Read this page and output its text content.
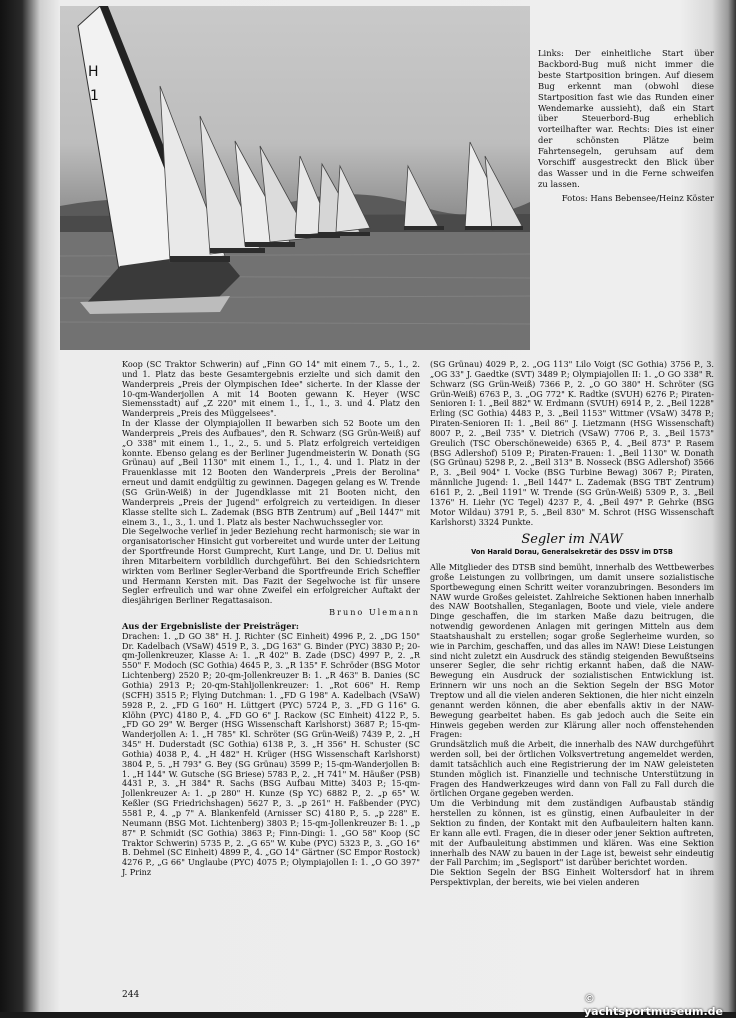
H
1

Links: Der einheitliche Start über Backbord-Bug muß nicht immer die beste Startposition bringen. Auf diesem Bug erkennt man (obwohl diese Startposition fast wie das Runden einer Wendemarke aussieht), daß ein Start über Steuerbord-Bug erheblich vorteilhafter war. Rechts: Dies ist einer der schönsten Plätze beim Fahrtensegeln, geruhsam auf dem Vorschiff ausgestreckt den Blick über das Wasser und in die Ferne schweifen zu lassen.

Fotos: Hans Bebensee/Heinz Köster

Koop (SC Traktor Schwerin) auf „Finn GO 14" mit einem 7., 5., 1., 2. und 1. Platz das beste Gesamtergebnis erzielte und sich damit den Wanderpreis „Preis der Olympischen Idee" sicherte. In der Klasse der 10-qm-Wanderjollen A mit 14 Booten gewann K. Heyer (WSC Siemensstadt) auf „Z 220" mit einem 1., 1., 1., 3. und 4. Platz den Wanderpreis „Preis des Müggelsees".

In der Klasse der Olympiajollen II bewarben sich 52 Boote um den Wanderpreis „Preis des Aufbaues", den R. Schwarz (SG Grün-Weiß) auf „O 338" mit einem 1., 1., 2., 5. und 5. Platz erfolgreich verteidigen konnte. Ebenso gelang es der Berliner Jugendmeisterin W. Donath (SG Grünau) auf „Beil 1130" mit einem 1., 1., 1., 4. und 1. Platz in der Frauenklasse mit 12 Booten den Wanderpreis „Preis der Berolina" erneut und damit endgültig zu gewinnen. Dagegen gelang es W. Trende (SG Grün-Weiß) in der Jugendklasse mit 21 Booten nicht, den Wanderpreis „Preis der Jugend" erfolgreich zu verteidigen. In dieser Klasse stellte sich L. Zademak (BSG BTB Zentrum) auf „Beil 1447" mit einem 3., 1., 3., 1. und 1. Platz als bester Nachwuchssegler vor.

Die Segelwoche verlief in jeder Beziehung recht harmonisch; sie war in organisatorischer Hinsicht gut vorbereitet und wurde unter der Leitung der Sportfreunde Horst Gumprecht, Kurt Lange, und Dr. U. Delius mit ihren Mitarbeitern vorbildlich durchgeführt. Bei den Schiedsrichtern wirkten vom Berliner Segler-Verband die Sportfreunde Erich Scheffler und Hermann Kersten mit. Das Fazit der Segelwoche ist für unsere Segler erfreulich und war ohne Zweifel ein erfolgreicher Auftakt der diesjährigen Berliner Regattasaison.

Bruno Ulemann

Aus der Ergebnisliste der Preisträger:

Drachen: 1. „D GO 38" H. J. Richter (SC Einheit) 4996 P., 2. „DG 150" Dr. Kadelbach (VSaW) 4519 P., 3. „DG 163" G. Binder (PYC) 3830 P.; 20-qm-Jollenkreuzer, Klasse A: 1. „R 402" B. Zade (DSC) 4997 P., 2. „R 550" F. Modoch (SC Gothia) 4645 P., 3. „R 135" F. Schröder (BSG Motor Lichtenberg) 2520 P.; 20-qm-Jollenkreuzer B: 1. „R 463" B. Danies (SC Gothia) 2913 P.; 20-qm-Stahljollenkreuzer: 1. „Rot 606" H. Remp (SCFH) 3515 P.; Flying Dutchman: 1. „FD G 198" A. Kadelbach (VSaW) 5928 P., 2. „FD G 160" H. Lüttgert (PYC) 5724 P., 3. „FD G 116" G. Klöhn (PYC) 4180 P., 4. „FD GO 6" J. Rackow (SC Einheit) 4122 P., 5. „FD GO 29" W. Berger (HSG Wissenschaft Karlshorst) 3687 P.; 15-qm-Wanderjollen A: 1. „H 785" Kl. Schröter (SG Grün-Weiß) 7439 P., 2. „H 345" H. Duderstadt (SC Gothia) 6138 P., 3. „H 356" H. Schuster (SC Gothia) 4038 P., 4. „H 482" H. Krüger (HSG Wissenschaft Karlshorst) 3804 P., 5. „H 793" G. Bey (SG Grünau) 3599 P.; 15-qm-Wanderjollen B: 1. „H 144" W. Gutsche (SG Briese) 5783 P., 2. „H 741" M. Häußer (PSB) 4431 P., 3. „H 384" R. Sachs (BSG Aufbau Mitte) 3403 P.; 15-qm-Jollenkreuzer A: 1. „p 280" H. Kunze (Sp YC) 6882 P., 2. „p 65" W. Keßler (SG Friedrichshagen) 5627 P., 3. „p 261" H. Faßbender (PYC) 5581 P., 4. „p 7" A. Blankenfeld (Arnisser SC) 4180 P., 5. „p 228" E. Neumann (BSG Mot. Lichtenberg) 3803 P.; 15-qm-Jollenkreuzer B: 1. „p 87" P. Schmidt (SC Gothia) 3863 P.; Finn-Dingi: 1. „GO 58" Koop (SC Traktor Schwerin) 5735 P., 2. „G 65" W. Kube (PYC) 5323 P., 3. „GO 16" B. Dehmel (SC Einheit) 4899 P., 4. „GO 14" Gärtner (SC Empor Rostock) 4276 P., „G 66" Unglaube (PYC) 4075 P.; Olympiajollen I: 1. „O GO 397" J. Prinz

(SG Grünau) 4029 P., 2. „OG 113" Lilo Voigt (SC Gothia) 3756 P., 3. „OG 33" J. Gaedtke (SVT) 3489 P.; Olympiajollen II: 1. „O GO 338" R. Schwarz (SG Grün-Weiß) 7366 P., 2. „O GO 380" H. Schröter (SG Grün-Weiß) 6763 P., 3. „OG 772" K. Radtke (SVUH) 6276 P.; Piraten-Senioren I: 1. „Beil 882" W. Erdmann (SVUH) 6914 P., 2. „Beil 1228" Erling (SC Gothia) 4483 P., 3. „Beil 1153" Wittmer (VSaW) 3478 P.; Piraten-Senioren II: 1. „Beil 86" J. Lietzmann (HSG Wissenschaft) 8007 P., 2. „Beil 735" V. Dietrich (VSaW) 7706 P., 3. „Beil 1573" Greulich (TSC Oberschöneweide) 6365 P., 4. „Beil 873" P. Rasem (BSG Adlershof) 5109 P.; Piraten-Frauen: 1. „Beil 1130" W. Donath (SG Grünau) 5298 P., 2. „Beil 313" B. Nosseck (BSG Adlershof) 3566 P., 3. „Beil 904" I. Vocke (BSG Turbine Bewag) 3067 P.; Piraten, männliche Jugend: 1. „Beil 1447" L. Zademak (BSG TBT Zentrum) 6161 P., 2. „Beil 1191" W. Trende (SG Grün-Weiß) 5309 P., 3. „Beil 1376" H. Liehr (YC Tegel) 4237 P., 4. „Beil 497" P. Gehrke (BSG Motor Wildau) 3791 P., 5. „Beil 830" M. Schrot (HSG Wissenschaft Karlshorst) 3324 Punkte.

Segler im NAW
Von Harald Dorau, Generalsekretär des DSSV im DTSB

Alle Mitglieder des DTSB sind bemüht, innerhalb des Wettbewerbes große Leistungen zu vollbringen, um damit unsere sozialistische Sportbewegung einen Schritt weiter voranzubringen. Besonders im NAW wurde Großes geleistet. Zahlreiche Sektionen haben innerhalb des NAW Bootshallen, Steganlagen, Boote und viele, viele andere Dinge geschaffen, die im starken Maße dazu beitrugen, die notwendig gewordenen Anlagen mit geringen Mitteln aus dem Staatshaushalt zu erstellen; sogar große Seglerheime wurden, so wie in Parchim, geschaffen, und das alles im NAW! Diese Leistungen sind nicht zuletzt ein Ausdruck des ständig steigenden Bewußtseins unserer Segler, die sehr richtig erkannt haben, daß die NAW-Bewegung ein Ausdruck der sozialistischen Entwicklung ist. Erinnern wir uns noch an die Sektion Segeln der BSG Motor Treptow und all die vielen anderen Sektionen, die hier nicht einzeln genannt werden können, die aber ebenfalls aktiv in der NAW-Bewegung gearbeitet haben. Es gab jedoch auch die Seite ein Hinweis gegeben werden zur Klärung aller noch offenstehenden Fragen:

Grundsätzlich muß die Arbeit, die innerhalb des NAW durchgeführt werden soll, bei der örtlichen Volksvertretung angemeldet werden, damit tatsächlich auch eine Registrierung der im NAW geleisteten Stunden möglich ist. Finanzielle und technische Unterstützung in Fragen des Handwerkzeuges wird dann von Fall zu Fall durch die örtlichen Organe gegeben werden.

Um die Verbindung mit dem zuständigen Aufbaustab ständig herstellen zu können, ist es günstig, einen Aufbauleiter in der Sektion zu finden, der Kontakt mit den Aufbauleitern halten kann. Er kann alle evtl. Fragen, die in dieser oder jener Sektion auftreten, mit der Aufbauleitung abstimmen und klären. Was eine Sektion innerhalb des NAW zu bauen in der Lage ist, beweist sehr eindeutig der Fall Parchim; im „Seglsport" ist darüber berichtet worden.

Die Sektion Segeln der BSG Einheit Woltersdorf hat in ihrem Perspektivplan, der bereits, wie bei vielen anderen

244	© yachtsportmuseum.de
